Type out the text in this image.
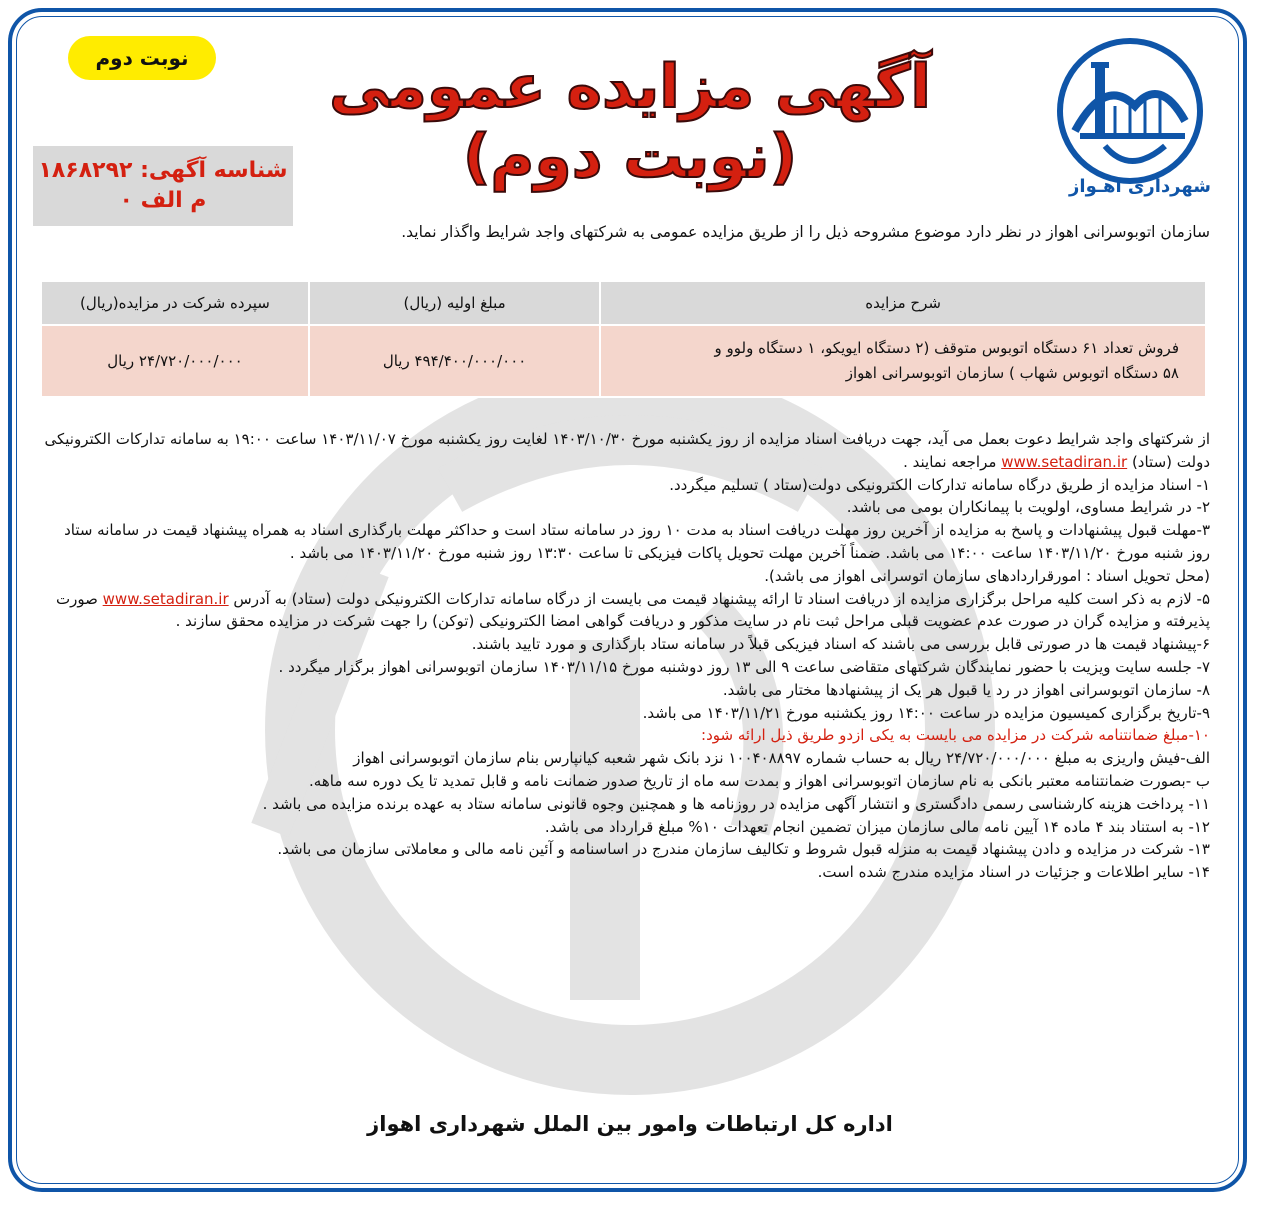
نوبت دوم	آگهی مزایده عمومی (نوبت دوم)	شهرداری اهـواز
شناسه آگهی: ۱۸۶۸۲۹۲
م الف ۰
سازمان اتوبوسرانی اهواز در نظر دارد موضوع مشروحه ذیل را از طریق مزایده عمومی به شرکتهای واجد شرایط واگذار نماید.
شرح مزایده	مبلغ اولیه (ریال)	سپرده شرکت در مزایده(ریال)

فروش تعداد ۶۱ دستگاه اتوبوس متوقف (۲ دستگاه ایویکو، ۱ دستگاه ولوو و
۵۸ دستگاه اتوبوس شهاب ) سازمان اتوبوسرانی اهواز	۴۹۴/۴۰۰/۰۰۰/۰۰۰ ریال	۲۴/۷۲۰/۰۰۰/۰۰۰ ریال

از شرکتهای واجد شرایط دعوت بعمل می آید، جهت دریافت اسناد مزایده از روز یکشنبه مورخ ۱۴۰۳/۱۰/۳۰ لغایت روز یکشنبه مورخ ۱۴۰۳/۱۱/۰۷ ساعت ۱۹:۰۰ به سامانه تدارکات الکترونیکی دولت (ستاد) www.setadiran.ir مراجعه نمایند .

۱- اسناد مزایده از طریق درگاه سامانه تدارکات الکترونیکی دولت(ستاد ) تسلیم میگردد.

۲- در شرایط مساوی، اولویت با پیمانکاران بومی می باشد.

۳-مهلت قبول پیشنهادات و پاسخ به مزایده از آخرین روز مهلت دریافت اسناد به مدت ۱۰ روز در سامانه ستاد است و حداکثر مهلت بارگذاری اسناد به همراه پیشنهاد قیمت در سامانه ستاد روز شنبه مورخ ۱۴۰۳/۱۱/۲۰ ساعت ۱۴:۰۰ می باشد. ضمناً آخرین مهلت تحویل پاکات فیزیکی تا ساعت ۱۳:۳۰ روز شنبه مورخ ۱۴۰۳/۱۱/۲۰ می باشد .

(محل تحویل اسناد : امورقراردادهای سازمان اتوسرانی اهواز می باشد).

۵- لازم به ذکر است کلیه مراحل برگزاری مزایده از دریافت اسناد تا ارائه پیشنهاد قیمت می بایست از درگاه سامانه تدارکات الکترونیکی دولت (ستاد) به آدرس www.setadiran.ir صورت پذیرفته و مزایده گران در صورت عدم عضویت قبلی مراحل ثبت نام در سایت مذکور و دریافت گواهی امضا الکترونیکی (توکن) را جهت شرکت در مزایده محقق سازند .

۶-پیشنهاد قیمت ها در صورتی قابل بررسی می باشند که اسناد فیزیکی قبلاً در سامانه ستاد بارگذاری و مورد تایید باشند.

۷- جلسه سایت ویزیت با حضور نمایندگان شرکتهای متقاضی ساعت ۹ الی ۱۳ روز دوشنبه مورخ ۱۴۰۳/۱۱/۱۵ سازمان اتوبوسرانی اهواز برگزار میگردد .

۸- سازمان اتوبوسرانی اهواز در رد یا قبول هر یک از پیشنهادها مختار می باشد.

۹-تاریخ برگزاری کمیسیون مزایده در ساعت ۱۴:۰۰ روز یکشنبه مورخ ۱۴۰۳/۱۱/۲۱ می باشد.

۱۰-مبلغ ضمانتنامه شرکت در مزایده می بایست به یکی ازدو طریق ذیل ارائه شود:

الف-فیش واریزی به مبلغ ۲۴/۷۲۰/۰۰۰/۰۰۰ ریال به حساب شماره ۱۰۰۴۰۸۸۹۷ نزد بانک شهر شعبه کیانپارس بنام سازمان اتوبوسرانی اهواز

ب -بصورت ضمانتنامه معتبر بانکی به نام سازمان اتوبوسرانی اهواز و بمدت سه ماه از تاریخ صدور ضمانت نامه و قابل تمدید تا یک دوره سه ماهه.

۱۱- پرداخت هزینه کارشناسی رسمی دادگستری و انتشار آگهی مزایده در روزنامه ها و همچنین وجوه قانونی سامانه ستاد به عهده برنده مزایده می باشد .

۱۲- به استناد بند ۴ ماده ۱۴ آیین نامه مالی سازمان میزان تضمین انجام تعهدات ۱۰% مبلغ قرارداد می باشد.

۱۳- شرکت در مزایده و دادن پیشنهاد قیمت به منزله قبول شروط و تکالیف سازمان مندرج در اساسنامه و آئین نامه مالی و معاملاتی سازمان می باشد.

۱۴- سایر اطلاعات و جزئیات در اسناد مزایده مندرج شده است.

اداره کل ارتباطات وامور بین الملل شهرداری اهواز
